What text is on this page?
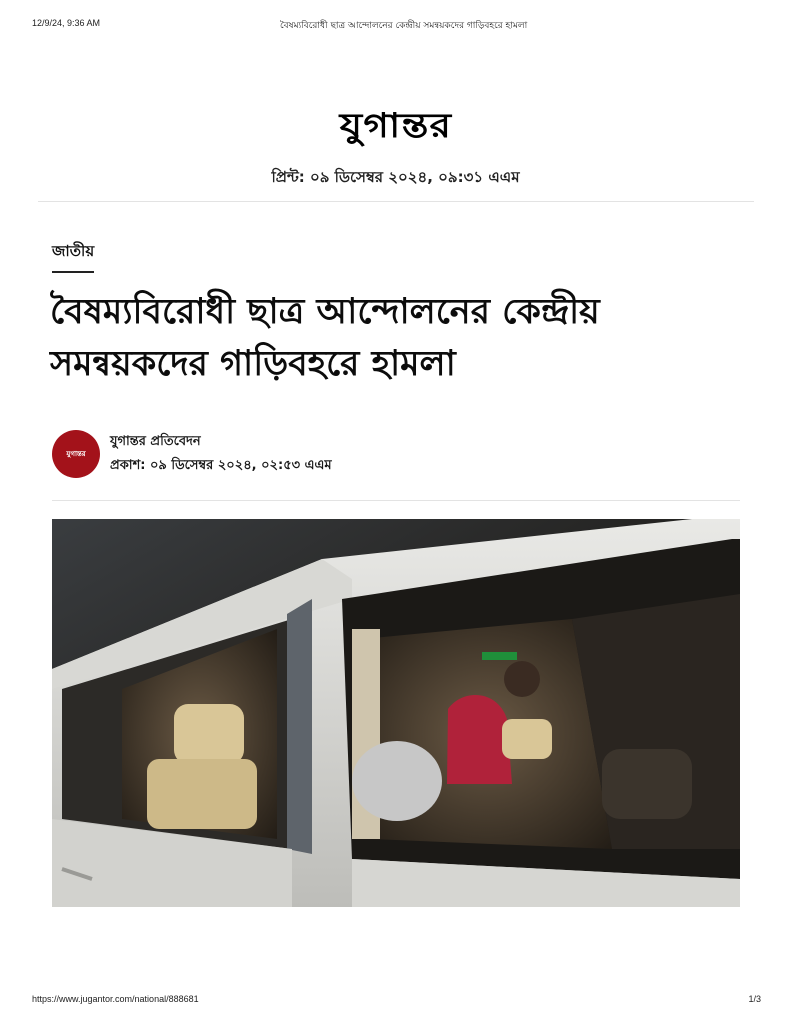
12/9/24, 9:36 AM	বৈষম্যবিরোধী ছাত্র আন্দোলনের কেন্দ্রীয় সমন্বয়কদের গাড়িবহরে হামলা
যুগান্তর
প্রিন্ট: ০৯ ডিসেম্বর ২০২৪, ০৯:৩১ এএম
জাতীয়
বৈষম্যবিরোধী ছাত্র আন্দোলনের কেন্দ্রীয় সমন্বয়কদের গাড়িবহরে হামলা
যুগান্তর
যুগান্তর প্রতিবেদন
প্রকাশ: ০৯ ডিসেম্বর ২০২৪, ০২:৫৩ এএম
https://www.jugantor.com/national/888681	1/3
